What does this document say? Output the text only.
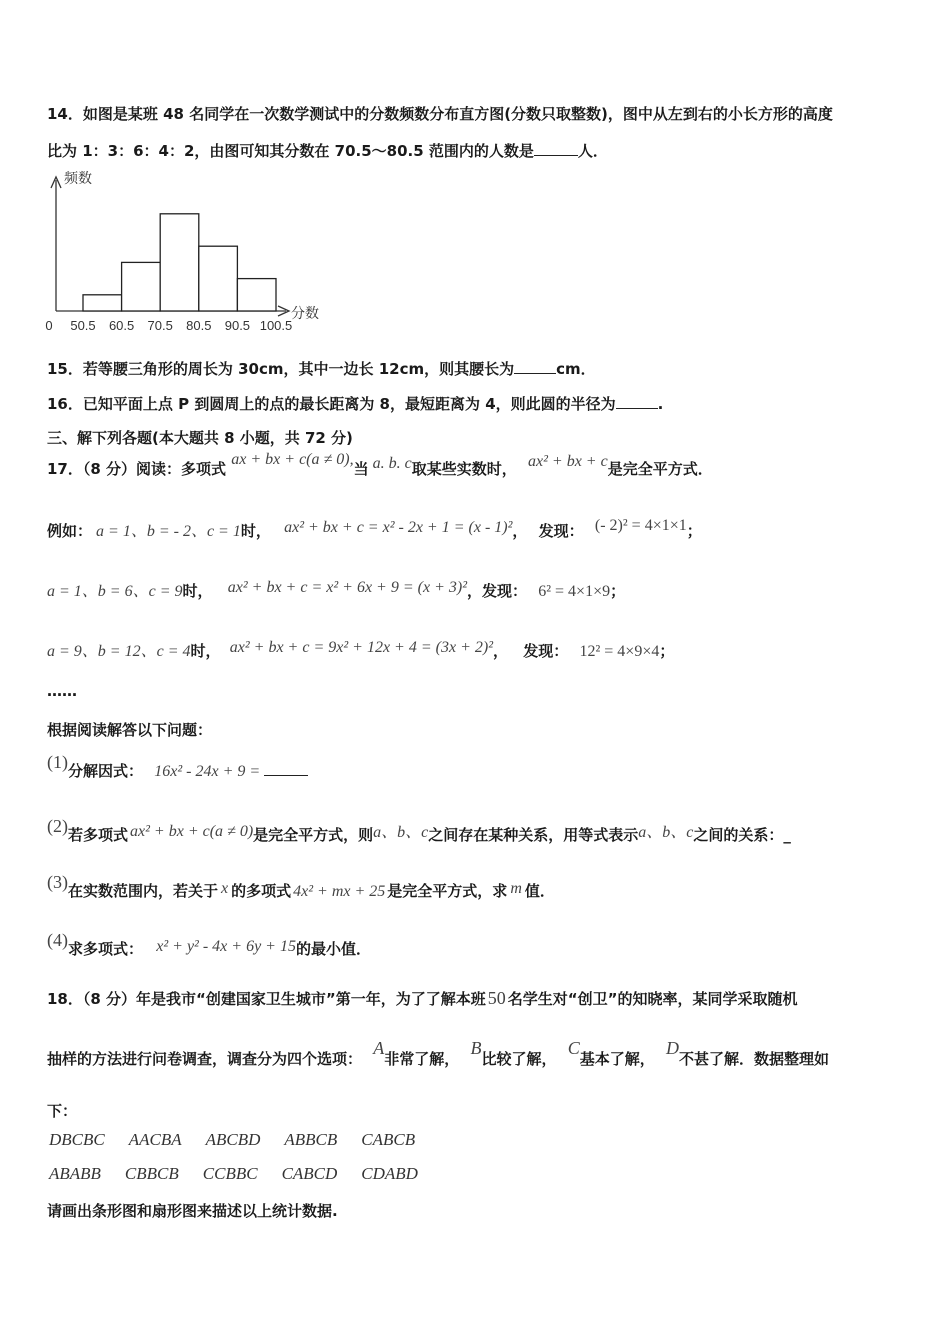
14．如图是某班 48 名同学在一次数学测试中的分数频数分布直方图(分数只取整数)，图中从左到右的小长方形的高度
比为 1：3：6：4：2，由图可知其分数在 70.5～80.5 范围内的人数是	人．
频数
分数
0 50.5 60.5 70.5 80.5 90.5 100.5
15．若等腰三角形的周长为 30cm，其中一边长 12cm，则其腰长为	cm．
16．已知平面上点 P 到圆周上的点的最长距离为 8，最短距离为 4，则此圆的半径为	.
三、解下列各题(本大题共 8 小题，共 72 分)
17．（8 分）阅读：多项式 ax + bx + c(a ≠ 0),当 a. b. c取某些实数时， ax² + bx + c是完全平方式．
例如： a = 1、b = - 2、c = 1时， ax² + bx + c = x² - 2x + 1 = (x - 1)²， 发现： (- 2)² = 4×1×1；
a = 1、b = 6、c = 9时， ax² + bx + c = x² + 6x + 9 = (x + 3)²，发现： 6² = 4×1×9；
a = 9、b = 12、c = 4时， ax² + bx + c = 9x² + 12x + 4 = (3x + 2)²， 发现： 12² = 4×9×4；
……
根据阅读解答以下问题：
(1)分解因式： 16x² - 24x + 9 =
(2)若多项式 ax² + bx + c(a ≠ 0)是完全平方式，则a、b、c之间存在某种关系，用等式表示a、b、c之间的关系：_
(3)在实数范围内，若关于 x 的多项式 4x² + mx + 25 是完全平方式，求 m 值．
(4)求多项式： x² + y² - 4x + 6y + 15的最小值．
18．（8 分）年是我市“创建国家卫生城市”第一年，为了了解本班 50 名学生对“创卫”的知晓率，某同学采取随机
抽样的方法进行问卷调查，调查分为四个选项： A非常了解， B比较了解， C基本了解， D不甚了解．数据整理如
下：
DBCBC AACBA ABCBD ABBCB CABCB
ABABB CBBCB CCBBC CABCD CDABD
请画出条形图和扇形图来描述以上统计数据.
